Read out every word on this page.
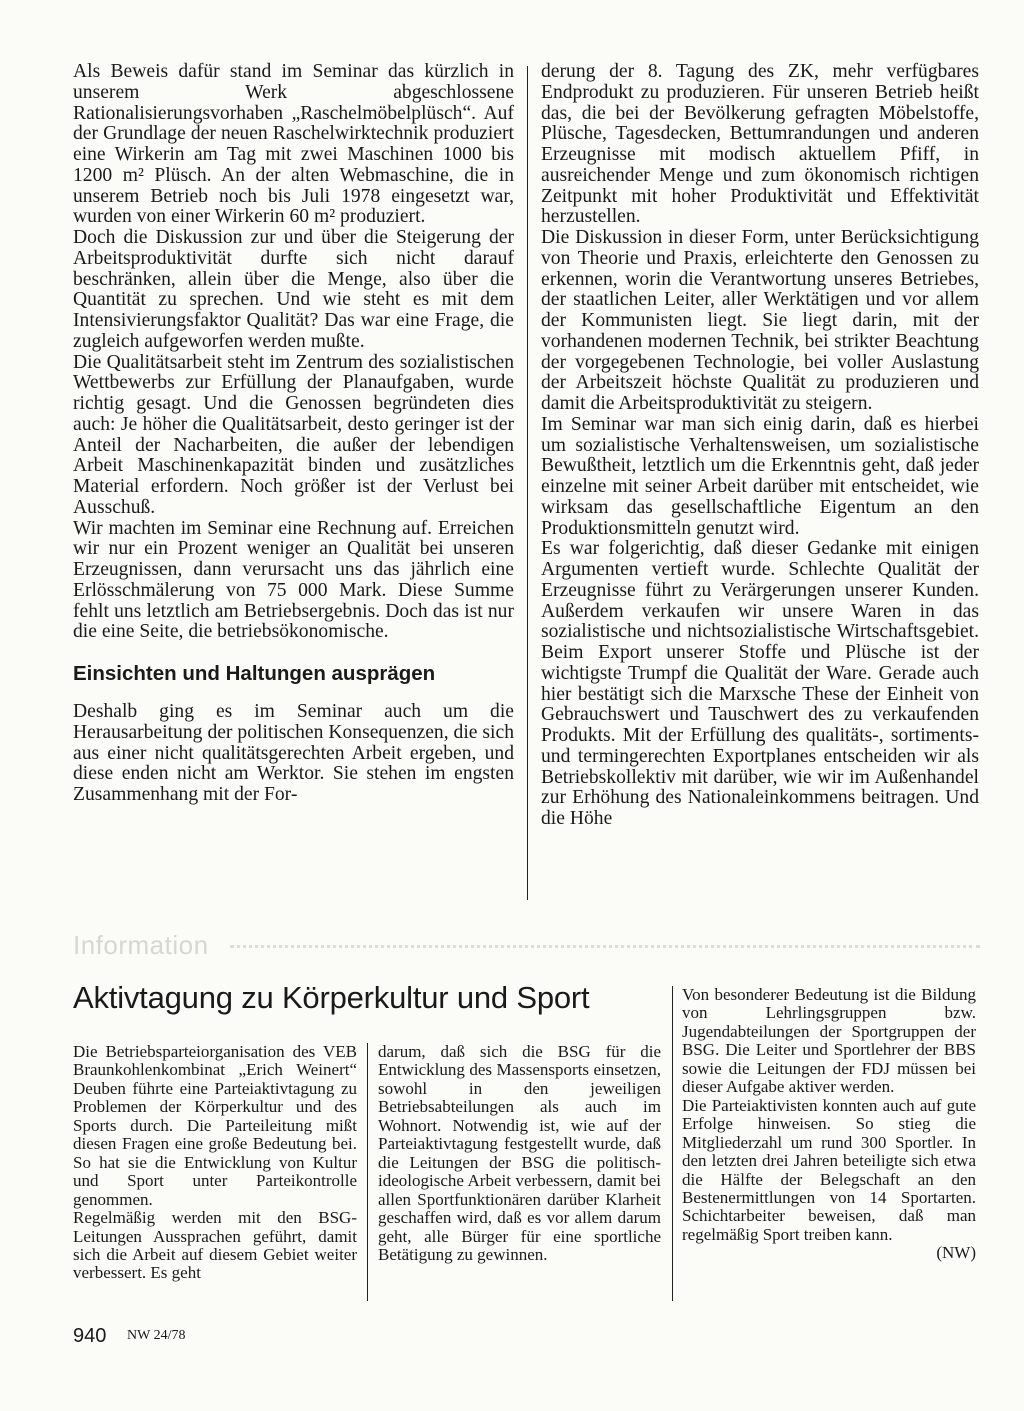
Als Beweis dafür stand im Seminar das kürzlich in unserem Werk abgeschlossene Rationalisierungsvorhaben „Raschelmöbelplüsch“. Auf der Grundlage der neuen Raschelwirktechnik produziert eine Wirkerin am Tag mit zwei Maschinen 1000 bis 1200 m² Plüsch. An der alten Webmaschine, die in unserem Betrieb noch bis Juli 1978 eingesetzt war, wurden von einer Wirkerin 60 m² produziert.

Doch die Diskussion zur und über die Steigerung der Arbeitsproduktivität durfte sich nicht darauf beschränken, allein über die Menge, also über die Quantität zu sprechen. Und wie steht es mit dem Intensivierungsfaktor Qualität? Das war eine Frage, die zugleich aufgeworfen werden mußte.

Die Qualitätsarbeit steht im Zentrum des sozialistischen Wettbewerbs zur Erfüllung der Planaufgaben, wurde richtig gesagt. Und die Genossen begründeten dies auch: Je höher die Qualitätsarbeit, desto geringer ist der Anteil der Nacharbeiten, die außer der lebendigen Arbeit Maschinenkapazität binden und zusätzliches Material erfordern. Noch größer ist der Verlust bei Ausschuß.

Wir machten im Seminar eine Rechnung auf. Erreichen wir nur ein Prozent weniger an Qualität bei unseren Erzeugnissen, dann verursacht uns das jährlich eine Erlösschmälerung von 75 000 Mark. Diese Summe fehlt uns letztlich am Betriebsergebnis. Doch das ist nur die eine Seite, die betriebsökonomische.

Einsichten und Haltungen ausprägen

Deshalb ging es im Seminar auch um die Herausarbeitung der politischen Konsequenzen, die sich aus einer nicht qualitätsgerechten Arbeit ergeben, und diese enden nicht am Werktor. Sie stehen im engsten Zusammenhang mit der For-

derung der 8. Tagung des ZK, mehr verfügbares Endprodukt zu produzieren. Für unseren Betrieb heißt das, die bei der Bevölkerung gefragten Möbelstoffe, Plüsche, Tagesdecken, Bettumrandungen und anderen Erzeugnisse mit modisch aktuellem Pfiff, in ausreichender Menge und zum ökonomisch richtigen Zeitpunkt mit hoher Produktivität und Effektivität herzustellen.

Die Diskussion in dieser Form, unter Berücksichtigung von Theorie und Praxis, erleichterte den Genossen zu erkennen, worin die Verantwortung unseres Betriebes, der staatlichen Leiter, aller Werktätigen und vor allem der Kommunisten liegt. Sie liegt darin, mit der vorhandenen modernen Technik, bei strikter Beachtung der vorgegebenen Technologie, bei voller Auslastung der Arbeitszeit höchste Qualität zu produzieren und damit die Arbeitsproduktivität zu steigern.

Im Seminar war man sich einig darin, daß es hierbei um sozialistische Verhaltensweisen, um sozialistische Bewußtheit, letztlich um die Erkenntnis geht, daß jeder einzelne mit seiner Arbeit darüber mit entscheidet, wie wirksam das gesellschaftliche Eigentum an den Produktionsmitteln genutzt wird.

Es war folgerichtig, daß dieser Gedanke mit einigen Argumenten vertieft wurde. Schlechte Qualität der Erzeugnisse führt zu Verärgerungen unserer Kunden. Außerdem verkaufen wir unsere Waren in das sozialistische und nichtsozialistische Wirtschaftsgebiet. Beim Export unserer Stoffe und Plüsche ist der wichtigste Trumpf die Qualität der Ware. Gerade auch hier bestätigt sich die Marxsche These der Einheit von Gebrauchswert und Tauschwert des zu verkaufenden Produkts. Mit der Erfüllung des qualitäts-, sortiments- und termingerechten Exportplanes entscheiden wir als Betriebskollektiv mit darüber, wie wir im Außenhandel zur Erhöhung des Nationaleinkommens beitragen. Und die Höhe

Information
Aktivtagung zu Körperkultur und Sport

Die Betriebsparteiorganisation des VEB Braunkohlenkombinat „Erich Weinert“ Deuben führte eine Parteiaktivtagung zu Problemen der Körperkultur und des Sports durch. Die Parteileitung mißt diesen Fragen eine große Bedeutung bei. So hat sie die Entwicklung von Kultur und Sport unter Parteikontrolle genommen.

Regelmäßig werden mit den BSG-Leitungen Aussprachen geführt, damit sich die Arbeit auf diesem Gebiet weiter verbessert. Es geht

darum, daß sich die BSG für die Entwicklung des Massensports einsetzen, sowohl in den jeweiligen Betriebsabteilungen als auch im Wohnort. Notwendig ist, wie auf der Parteiaktivtagung festgestellt wurde, daß die Leitungen der BSG die politisch-ideologische Arbeit verbessern, damit bei allen Sportfunktionären darüber Klarheit geschaffen wird, daß es vor allem darum geht, alle Bürger für eine sportliche Betätigung zu gewinnen.

Von besonderer Bedeutung ist die Bildung von Lehrlingsgruppen bzw. Jugendabteilungen der Sportgruppen der BSG. Die Leiter und Sportlehrer der BBS sowie die Leitungen der FDJ müssen bei dieser Aufgabe aktiver werden.

Die Parteiaktivisten konnten auch auf gute Erfolge hinweisen. So stieg die Mitgliederzahl um rund 300 Sportler. In den letzten drei Jahren beteiligte sich etwa die Hälfte der Belegschaft an den Bestenermittlungen von 14 Sportarten. Schichtarbeiter beweisen, daß man regelmäßig Sport treiben kann.

(NW)

940 NW 24/78
